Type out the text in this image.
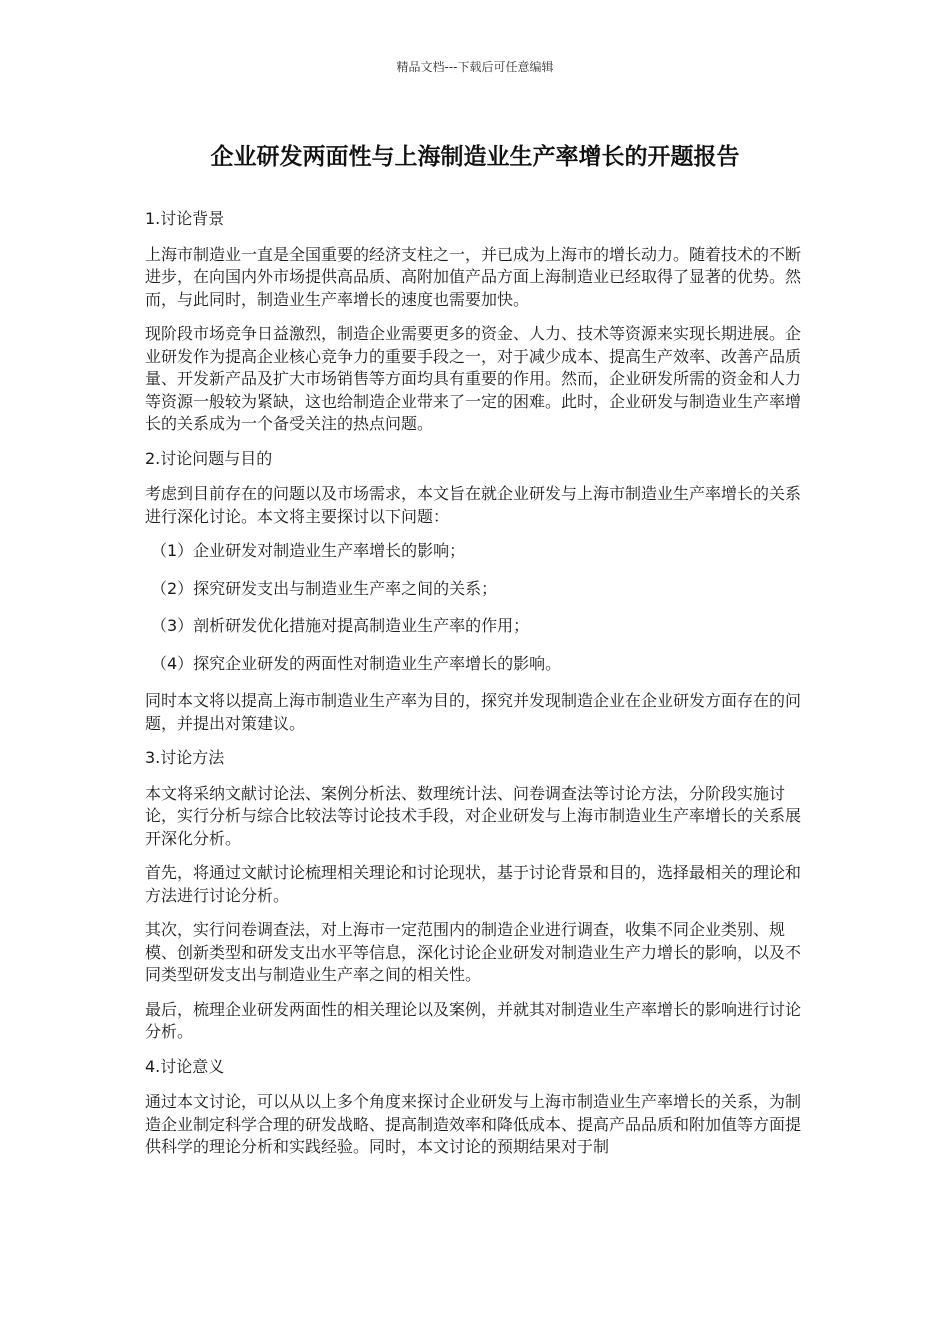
精品文档---下载后可任意编辑
企业研发两面性与上海制造业生产率增长的开题报告

1.讨论背景

上海市制造业一直是全国重要的经济支柱之一，并已成为上海市的增长动力。随着技术的不断进步，在向国内外市场提供高品质、高附加值产品方面上海制造业已经取得了显著的优势。然而，与此同时，制造业生产率增长的速度也需要加快。

现阶段市场竞争日益激烈，制造企业需要更多的资金、人力、技术等资源来实现长期进展。企业研发作为提高企业核心竞争力的重要手段之一，对于减少成本、提高生产效率、改善产品质量、开发新产品及扩大市场销售等方面均具有重要的作用。然而，企业研发所需的资金和人力等资源一般较为紧缺，这也给制造企业带来了一定的困难。此时，企业研发与制造业生产率增长的关系成为一个备受关注的热点问题。

2.讨论问题与目的

考虑到目前存在的问题以及市场需求，本文旨在就企业研发与上海市制造业生产率增长的关系进行深化讨论。本文将主要探讨以下问题：

（1）企业研发对制造业生产率增长的影响；

（2）探究研发支出与制造业生产率之间的关系；

（3）剖析研发优化措施对提高制造业生产率的作用；

（4）探究企业研发的两面性对制造业生产率增长的影响。

同时本文将以提高上海市制造业生产率为目的，探究并发现制造企业在企业研发方面存在的问题，并提出对策建议。

3.讨论方法

本文将采纳文献讨论法、案例分析法、数理统计法、问卷调查法等讨论方法，分阶段实施讨论，实行分析与综合比较法等讨论技术手段，对企业研发与上海市制造业生产率增长的关系展开深化分析。

首先，将通过文献讨论梳理相关理论和讨论现状，基于讨论背景和目的，选择最相关的理论和方法进行讨论分析。

其次，实行问卷调查法，对上海市一定范围内的制造企业进行调查，收集不同企业类别、规模、创新类型和研发支出水平等信息，深化讨论企业研发对制造业生产力增长的影响，以及不同类型研发支出与制造业生产率之间的相关性。

最后，梳理企业研发两面性的相关理论以及案例，并就其对制造业生产率增长的影响进行讨论分析。

4.讨论意义

通过本文讨论，可以从以上多个角度来探讨企业研发与上海市制造业生产率增长的关系，为制造企业制定科学合理的研发战略、提高制造效率和降低成本、提高产品品质和附加值等方面提供科学的理论分析和实践经验。同时，本文讨论的预期结果对于制
